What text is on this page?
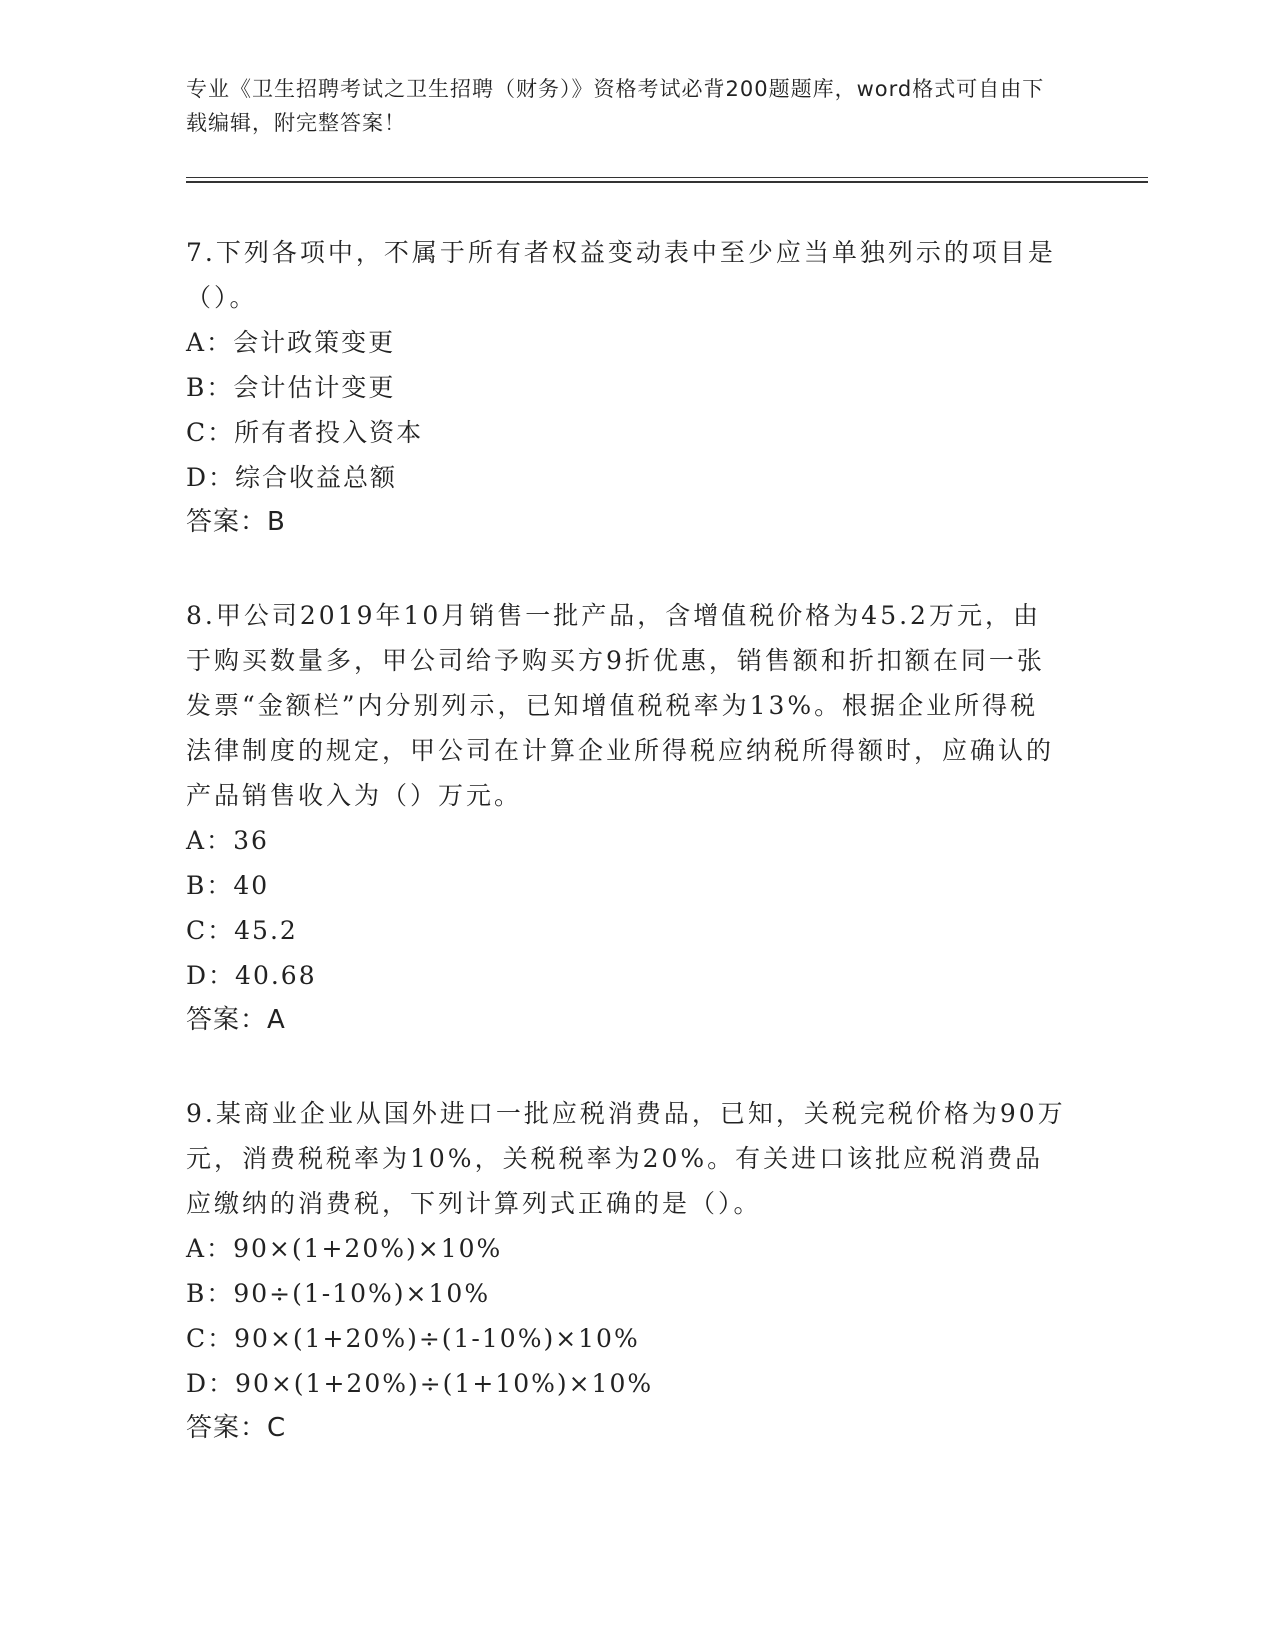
专业《卫生招聘考试之卫生招聘（财务）》资格考试必背200题题库，word格式可自由下载编辑，附完整答案！

7.下列各项中，不属于所有者权益变动表中至少应当单独列示的项目是（）。

A： 会计政策变更
B： 会计估计变更
C： 所有者投入资本
D： 综合收益总额
答案： B

8.甲公司2019年10月销售一批产品，含增值税价格为45.2万元，由于购买数量多，甲公司给予购买方9折优惠，销售额和折扣额在同一张发票“金额栏”内分别列示，已知增值税税率为13%。根据企业所得税法律制度的规定，甲公司在计算企业所得税应纳税所得额时，应确认的产品销售收入为（）万元。

A： 36
B： 40
C： 45.2
D： 40.68
答案： A

9.某商业企业从国外进口一批应税消费品，已知，关税完税价格为90万元，消费税税率为10%，关税税率为20%。有关进口该批应税消费品应缴纳的消费税，下列计算列式正确的是（）。

A： 90×(1+20%)×10%
B： 90÷(1-10%)×10%
C： 90×(1+20%)÷(1-10%)×10%
D： 90×(1+20%)÷(1+10%)×10%
答案： C
